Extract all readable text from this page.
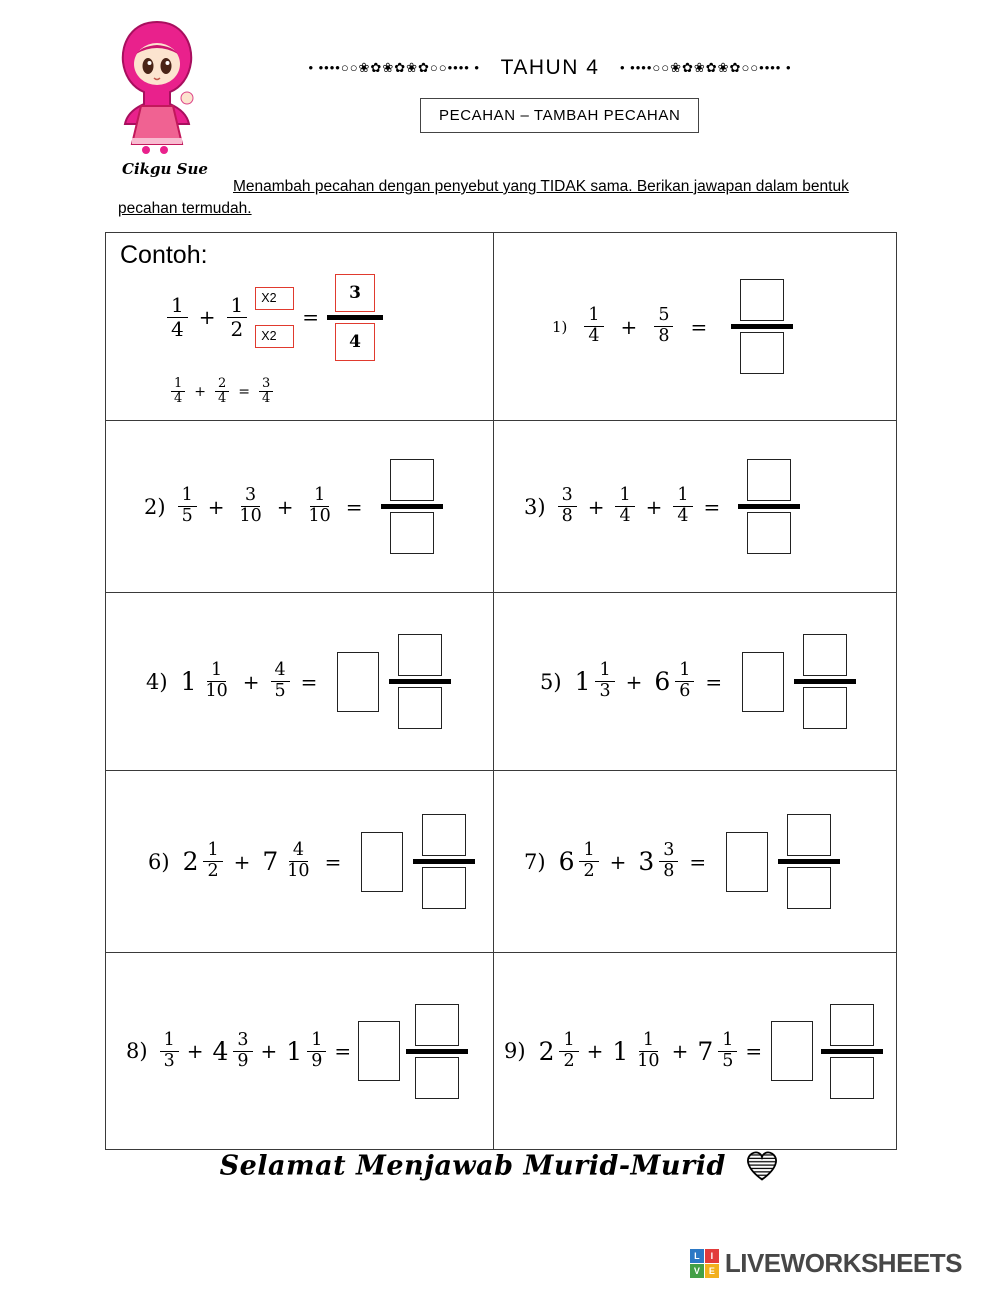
Cikgu Sue
• ••••○○❀✿❀✿❀✿○○•••• • TAHUN 4 • ••••○○❀✿❀✿❀✿○○•••• •
PECAHAN – TAMBAH PECAHAN
Menambah pecahan dengan penyebut yang TIDAK sama. Berikan jawapan dalam bentuk
pecahan termudah.
Contoh:
$\frac{1}{4} + \frac{1}{2} \frac{X2}{X2} = \frac{3}{4}$
$\frac{1}{4} + \frac{2}{4} = \frac{3}{4}$
$1) \frac{1}{4} + \frac{5}{8}$ =
$2) \frac{1}{5} + \frac{3}{10} + \frac{1}{10}$ =	$3) \frac{3}{8} + \frac{1}{4} + \frac{1}{4}$ =
4) $1 \frac{1}{10} + \frac{4}{5}$ =	5) $1 \frac{1}{3} + 6 \frac{1}{6}$ =
6) $2 \frac{1}{2} + 7 \frac{4}{10}$ =	7) $6 \frac{1}{2} + 3 \frac{3}{8}$ =
$8) \frac{1}{3} + 4 \frac{3}{9} + 1 \frac{1}{9}$ =	9) $2 \frac{1}{2} + 1 \frac{1}{10} + 7 \frac{1}{5}$ =
Selamat Menjawab Murid-Murid
L	I
V E LIVEWORKSHEETS
